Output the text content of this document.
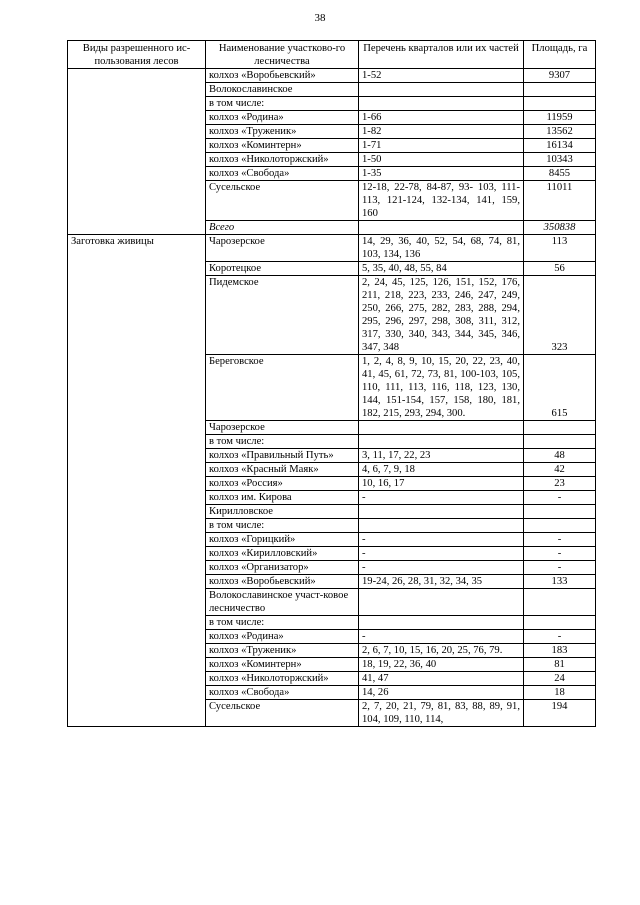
38
Виды разрешенного ис-пользования лесов	Наименование участково-го лесничества	Перечень кварталов или их частей	Площадь, га
	колхоз «Воробьевский»	1-52	9307
	Волокославинское		
	в том числе:		
	колхоз «Родина»	1-66	11959
	колхоз «Труженик»	1-82	13562
	колхоз «Коминтерн»	1-71	16134
	колхоз «Николоторжский»	1-50	10343
	колхоз «Свобода»	1-35	8455
	Сусельское	12-18, 22-78, 84-87, 93- 103, 111-113, 121-124, 132-134, 141, 159, 160	11011
	Всего		350838
Заготовка живицы	Чарозерское	14, 29, 36, 40, 52, 54, 68, 74, 81, 103, 134, 136	113
	Коротецкое	5, 35, 40, 48, 55, 84	56
	Пидемское	2, 24, 45, 125, 126, 151, 152, 176, 211, 218, 223, 233, 246, 247, 249, 250, 266, 275, 282, 283, 288, 294, 295, 296, 297, 298, 308, 311, 312, 317, 330, 340, 343, 344, 345, 346, 347, 348	323
	Береговское	1, 2, 4, 8, 9, 10, 15, 20, 22, 23, 40, 41, 45, 61, 72, 73, 81, 100-103, 105, 110, 111, 113, 116, 118, 123, 130, 144, 151-154, 157, 158, 180, 181, 182, 215, 293, 294, 300.	615
	Чарозерское		
	в том числе:		
	колхоз «Правильный Путь»	3, 11, 17, 22, 23	48
	колхоз «Красный Маяк»	4, 6, 7, 9, 18	42
	колхоз «Россия»	10, 16, 17	23
	колхоз им. Кирова	-	-
	Кирилловское		
	в том числе:		
	колхоз «Горицкий»	-	-
	колхоз «Кирилловский»	-	-
	колхоз «Организатор»	-	-
	колхоз «Воробьевский»	19-24, 26, 28, 31, 32, 34, 35	133
	Волокославинское участ-ковое лесничество		
	в том числе:		
	колхоз «Родина»	-	-
	колхоз «Труженик»	2, 6, 7, 10, 15, 16, 20, 25, 76, 79.	183
	колхоз «Коминтерн»	18, 19, 22, 36, 40	81
	колхоз «Николоторжский»	41, 47	24
	колхоз «Свобода»	14, 26	18
	Сусельское	2, 7, 20, 21, 79, 81, 83, 88, 89, 91, 104, 109, 110, 114,	194
